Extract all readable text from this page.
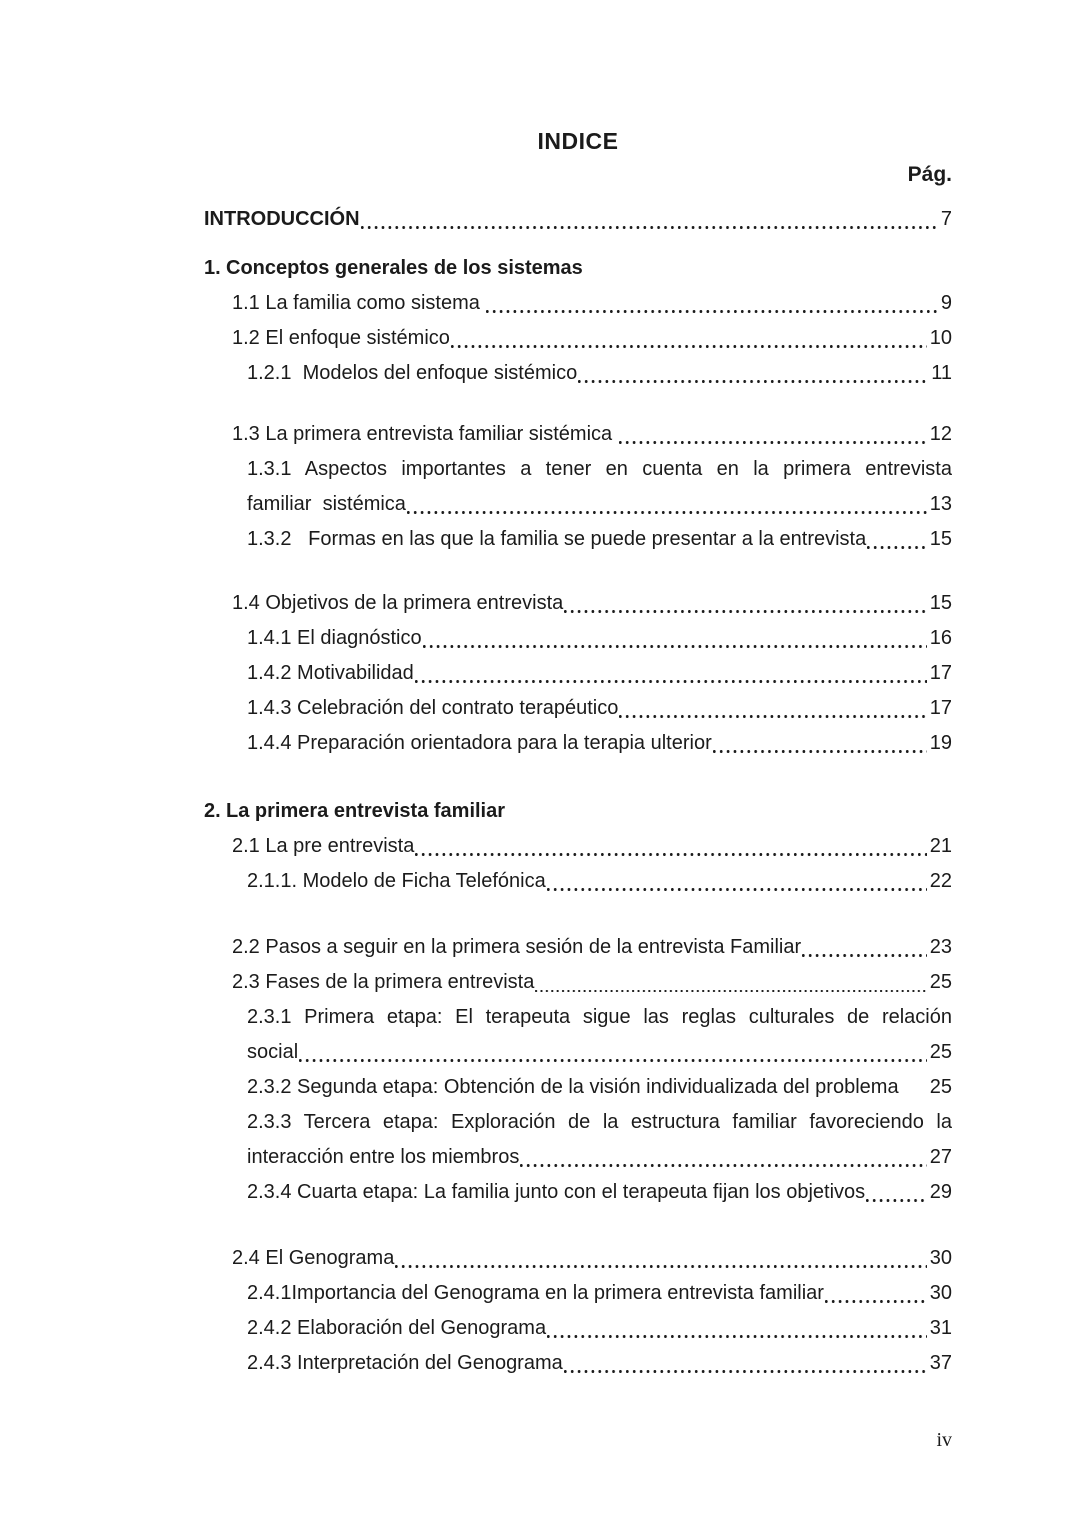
INDICE
Pág.
INTRODUCCIÓN	7
1. Conceptos generales de los sistemas
1.1 La familia como sistema	9
1.2 El enfoque sistémico	10
1.2.1  Modelos del enfoque sistémico	11
1.3 La primera entrevista familiar sistémica	12
1.3.1 Aspectos importantes a tener en cuenta en la primera entrevista
familiar  sistémica	13
1.3.2   Formas en las que la familia se puede presentar a la entrevista	15
1.4 Objetivos de la primera entrevista	15
1.4.1 El diagnóstico	16
1.4.2 Motivabilidad	17
1.4.3 Celebración del contrato terapéutico	17
1.4.4 Preparación orientadora para la terapia ulterior	19
2. La primera entrevista familiar
2.1 La pre entrevista	21
2.1.1. Modelo de Ficha Telefónica	22
2.2 Pasos a seguir en la primera sesión de la entrevista Familiar	23
2.3 Fases de la primera entrevista	25
2.3.1 Primera etapa: El terapeuta sigue las reglas culturales de relación
social	25
2.3.2 Segunda etapa: Obtención de la visión individualizada del problema 25
2.3.3 Tercera etapa: Exploración de la estructura familiar favoreciendo la
interacción entre los miembros	27
2.3.4 Cuarta etapa: La familia junto con el terapeuta fijan los objetivos	29
2.4 El Genograma	30
2.4.1Importancia del Genograma en la primera entrevista familiar	30
2.4.2 Elaboración del Genograma	31
2.4.3 Interpretación del Genograma	37
iv
